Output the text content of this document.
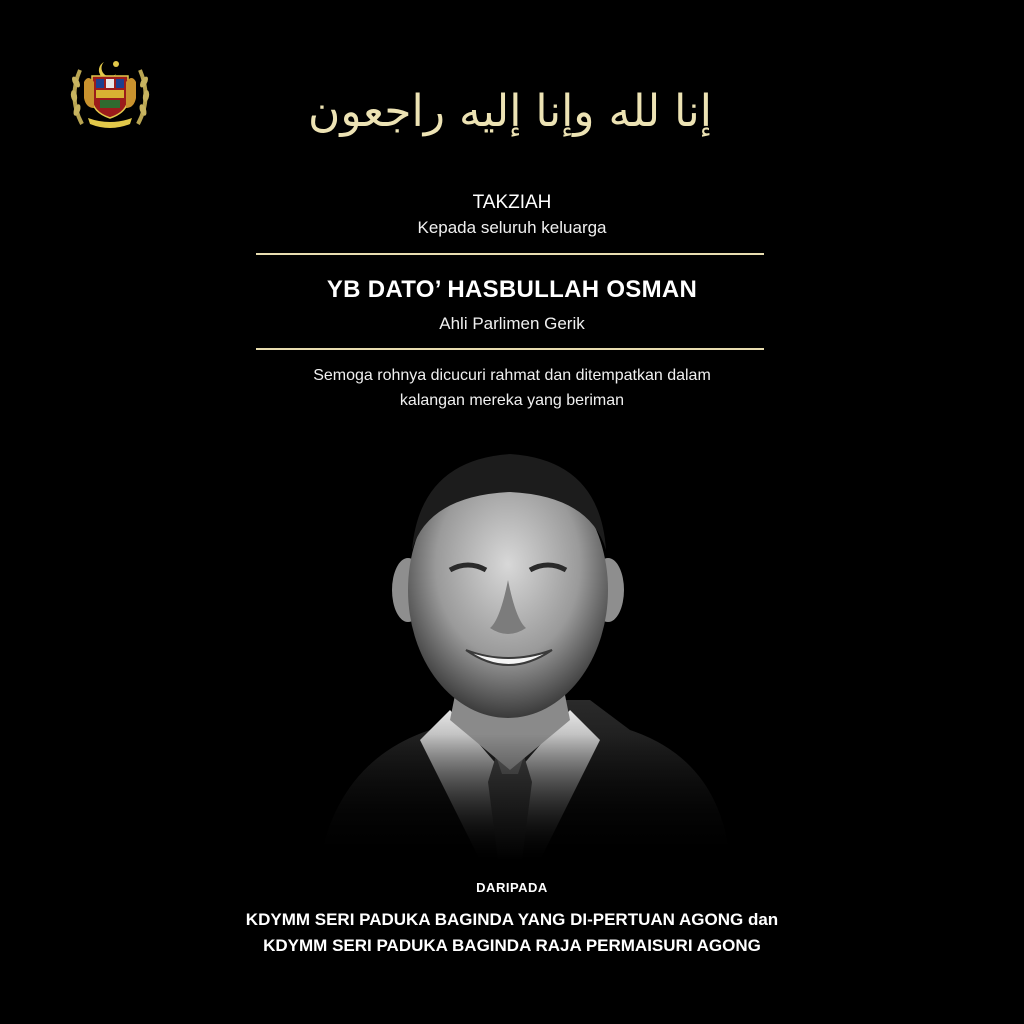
إنا لله وإنا إليه راجعون
TAKZIAH
Kepada seluruh keluarga
YB DATO’ HASBULLAH OSMAN
Ahli Parlimen Gerik
Semoga rohnya dicucuri rahmat dan ditempatkan dalam
kalangan mereka yang beriman
DARIPADA
KDYMM SERI PADUKA BAGINDA YANG DI-PERTUAN AGONG dan
KDYMM SERI PADUKA BAGINDA RAJA PERMAISURI AGONG
